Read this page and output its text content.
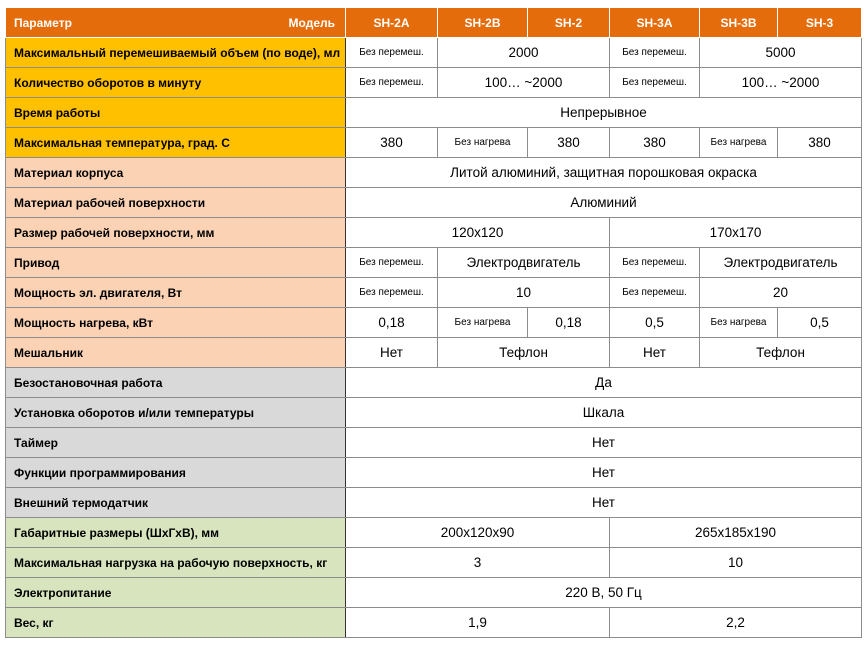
Параметр Модель	SH-2A	SH-2B	SH-2	SH-3A	SH-3B	SH-3
Максимальный перемешиваемый объем (по воде), мл	Без перемеш.	2000		Без перемеш.	5000	
Количество оборотов в минуту	Без перемеш.	100… ~2000		Без перемеш.	100… ~2000	
Время работы	Непрерывное					
Максимальная температура, град. С	380	Без нагрева	380	380	Без нагрева	380
Материал корпуса	Литой алюминий, защитная порошковая окраска					
Материал рабочей поверхности	Алюминий					
Размер рабочей поверхности, мм	120х120			170х170		
Привод	Без перемеш.	Электродвигатель		Без перемеш.	Электродвигатель	
Мощность эл. двигателя, Вт	Без перемеш.	10		Без перемеш.	20	
Мощность нагрева, кВт	0,18	Без нагрева	0,18	0,5	Без нагрева	0,5
Мешальник	Нет	Тефлон		Нет	Тефлон	
Безостановочная работа	Да					
Установка оборотов и/или температуры	Шкала					
Таймер	Нет					
Функции программирования	Нет					
Внешний термодатчик	Нет					
Габаритные размеры (ШхГхВ), мм	200х120х90			265х185х190		
Максимальная нагрузка на рабочую поверхность, кг	3			10		
Электропитание	220 В, 50 Гц					
Вес, кг	1,9			2,2		
